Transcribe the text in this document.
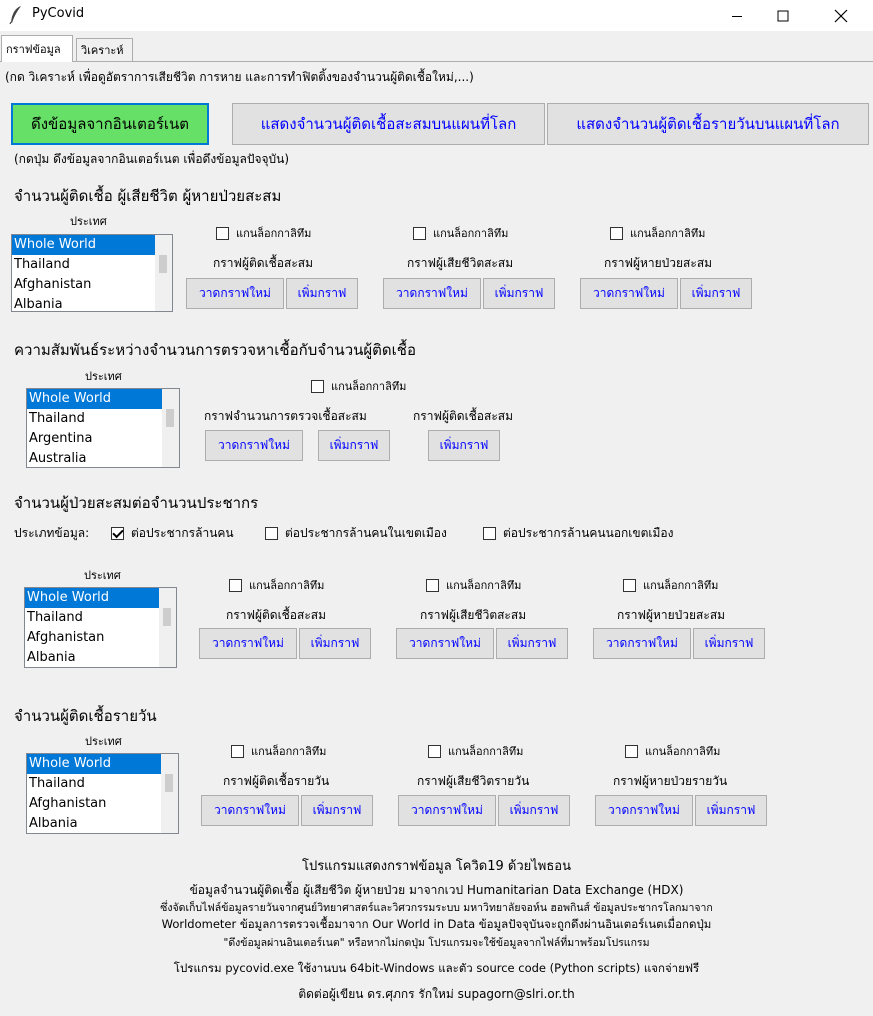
PyCovid
กราฟข้อมูล	วิเคราะห์
(กด วิเคราะห์ เพื่อดูอัตราการเสียชีวิต การหาย และการทำฟิตติ้งของจำนวนผู้ติดเชื้อใหม่,...)
ดึงข้อมูลจากอินเตอร์เนต	แสดงจำนวนผู้ติดเชื้อสะสมบนแผนที่โลก	แสดงจำนวนผู้ติดเชื้อรายวันบนแผนที่โลก
(กดปุ่ม ดึงข้อมูลจากอินเตอร์เนต เพื่อดึงข้อมูลปัจจุบัน)
จำนวนผู้ติดเชื้อ ผู้เสียชีวิต ผู้หายป่วยสะสม
ประเทศ
Whole World
Thailand
Afghanistan
Albania
แกนล็อกกาลิทึม
กราฟผู้ติดเชื้อสะสม
วาดกราฟใหม่	เพิ่มกราฟ
แกนล็อกกาลิทึม
กราฟผู้เสียชีวิตสะสม
วาดกราฟใหม่	เพิ่มกราฟ
แกนล็อกกาลิทึม
กราฟผู้หายป่วยสะสม
วาดกราฟใหม่	เพิ่มกราฟ
ความสัมพันธ์ระหว่างจำนวนการตรวจหาเชื้อกับจำนวนผู้ติดเชื้อ
ประเทศ
Whole World
Thailand
Argentina
Australia
แกนล็อกกาลิทึม
กราฟจำนวนการตรวจเชื้อสะสม	กราฟผู้ติดเชื้อสะสม
วาดกราฟใหม่	เพิ่มกราฟ	เพิ่มกราฟ
จำนวนผู้ป่วยสะสมต่อจำนวนประชากร
ประเภทข้อมูล:	ต่อประชากรล้านคน	ต่อประชากรล้านคนในเขตเมือง	ต่อประชากรล้านคนนอกเขตเมือง
ประเทศ
Whole World
Thailand
Afghanistan
Albania
แกนล็อกกาลิทึม
กราฟผู้ติดเชื้อสะสม
วาดกราฟใหม่	เพิ่มกราฟ
แกนล็อกกาลิทึม
กราฟผู้เสียชีวิตสะสม
วาดกราฟใหม่	เพิ่มกราฟ
แกนล็อกกาลิทึม
กราฟผู้หายป่วยสะสม
วาดกราฟใหม่	เพิ่มกราฟ
จำนวนผู้ติดเชื้อรายวัน
ประเทศ
Whole World
Thailand
Afghanistan
Albania
แกนล็อกกาลิทึม
กราฟผู้ติดเชื้อรายวัน
วาดกราฟใหม่	เพิ่มกราฟ
แกนล็อกกาลิทึม
กราฟผู้เสียชีวิตรายวัน
วาดกราฟใหม่	เพิ่มกราฟ
แกนล็อกกาลิทึม
กราฟผู้หายป่วยรายวัน
วาดกราฟใหม่	เพิ่มกราฟ
โปรแกรมแสดงกราฟข้อมูล โควิด19 ด้วยไพธอน
ข้อมูลจำนวนผู้ติดเชื้อ ผู้เสียชีวิต ผู้หายป่วย มาจากเวป Humanitarian Data Exchange (HDX)
ซึ่งจัดเก็บไฟล์ข้อมูลรายวันจากศูนย์วิทยาศาสตร์และวิศวกรรมระบบ มหาวิทยาลัยจอห์น ฮอพกินส์ ข้อมูลประชากรโลกมาจาก
Worldometer ข้อมูลการตรวจเชื้อมาจาก Our World in Data ข้อมูลปัจจุบันจะถูกดึงผ่านอินเตอร์เนตเมื่อกดปุ่ม
"ดึงข้อมูลผ่านอินเตอร์เนต" หรือหากไม่กดปุ่ม โปรแกรมจะใช้ข้อมูลจากไฟล์ที่มาพร้อมโปรแกรม
โปรแกรม pycovid.exe ใช้งานบน 64bit-Windows และตัว source code (Python scripts) แจกจ่ายฟรี
ติดต่อผู้เขียน ดร.ศุภกร รักใหม่ supagorn@slri.or.th
